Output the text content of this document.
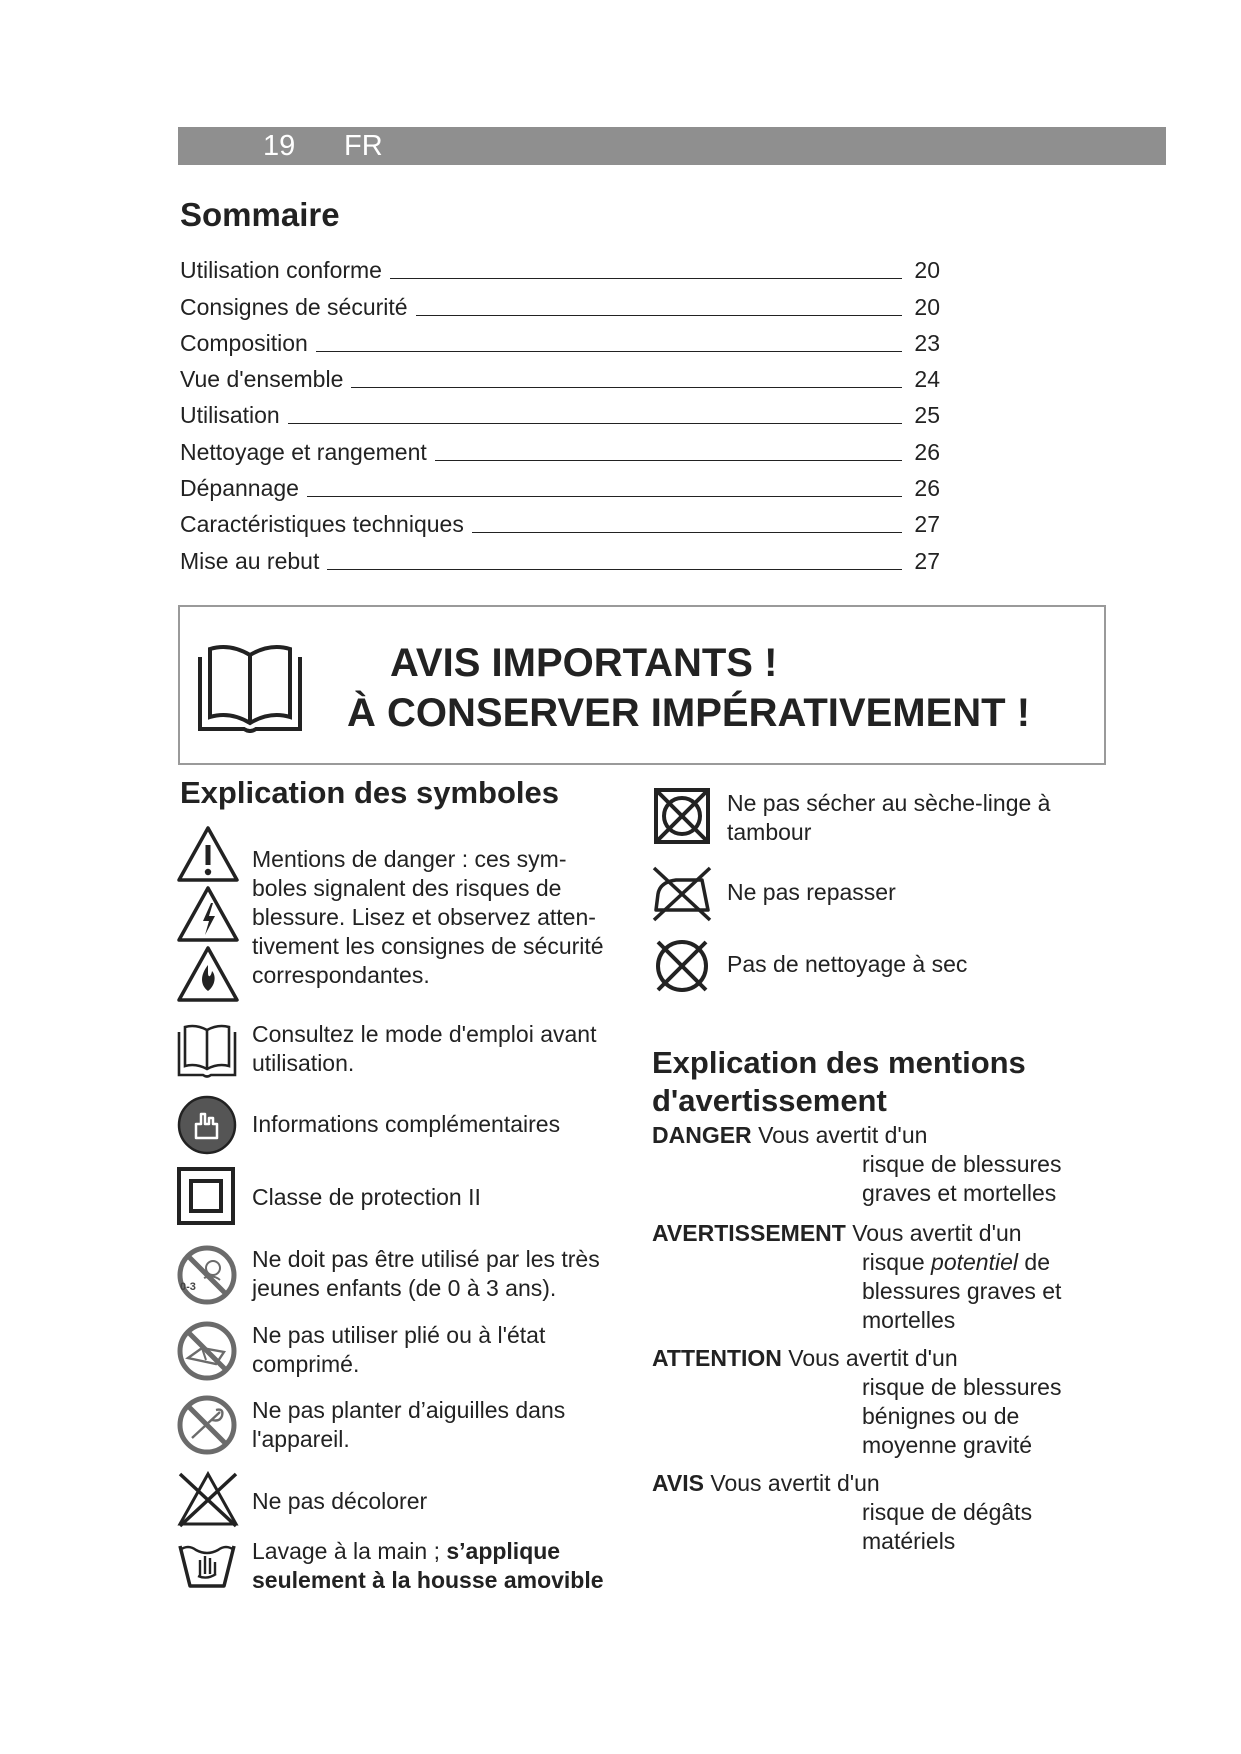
19 FR
Sommaire
Utilisation conforme	20
Consignes de sécurité	20
Composition	23
Vue d'ensemble	24
Utilisation	25
Nettoyage et rangement	26
Dépannage	26
Caractéristiques techniques	27
Mise au rebut	27
AVIS IMPORTANTS !
À CONSERVER IMPÉRATIVEMENT !
Explication des symboles
Mentions de danger : ces sym-boles signalent des risques de blessure. Lisez et observez atten-tivement les consignes de sécurité correspondantes.
Consultez le mode d'emploi avant utilisation.
Informations complémentaires
Classe de protection II
0-3
Ne doit pas être utilisé par les très jeunes enfants (de 0 à 3 ans).
Ne pas utiliser plié ou à l'état comprimé.
Ne pas planter d’aiguilles dans l'appareil.
Ne pas décolorer
Lavage à la main ; s’applique seulement à la housse amovible
Ne pas sécher au sèche-linge à tambour
Ne pas repasser
Pas de nettoyage à sec
Explication des mentions
d'avertissement
DANGER Vous avertit d'un
risque de blessures
graves et mortelles
AVERTISSEMENT Vous avertit d'un
risque potentiel de
blessures graves et
mortelles
ATTENTION Vous avertit d'un
risque de blessures
bénignes ou de
moyenne gravité
AVIS Vous avertit d'un
risque de dégâts
matériels
